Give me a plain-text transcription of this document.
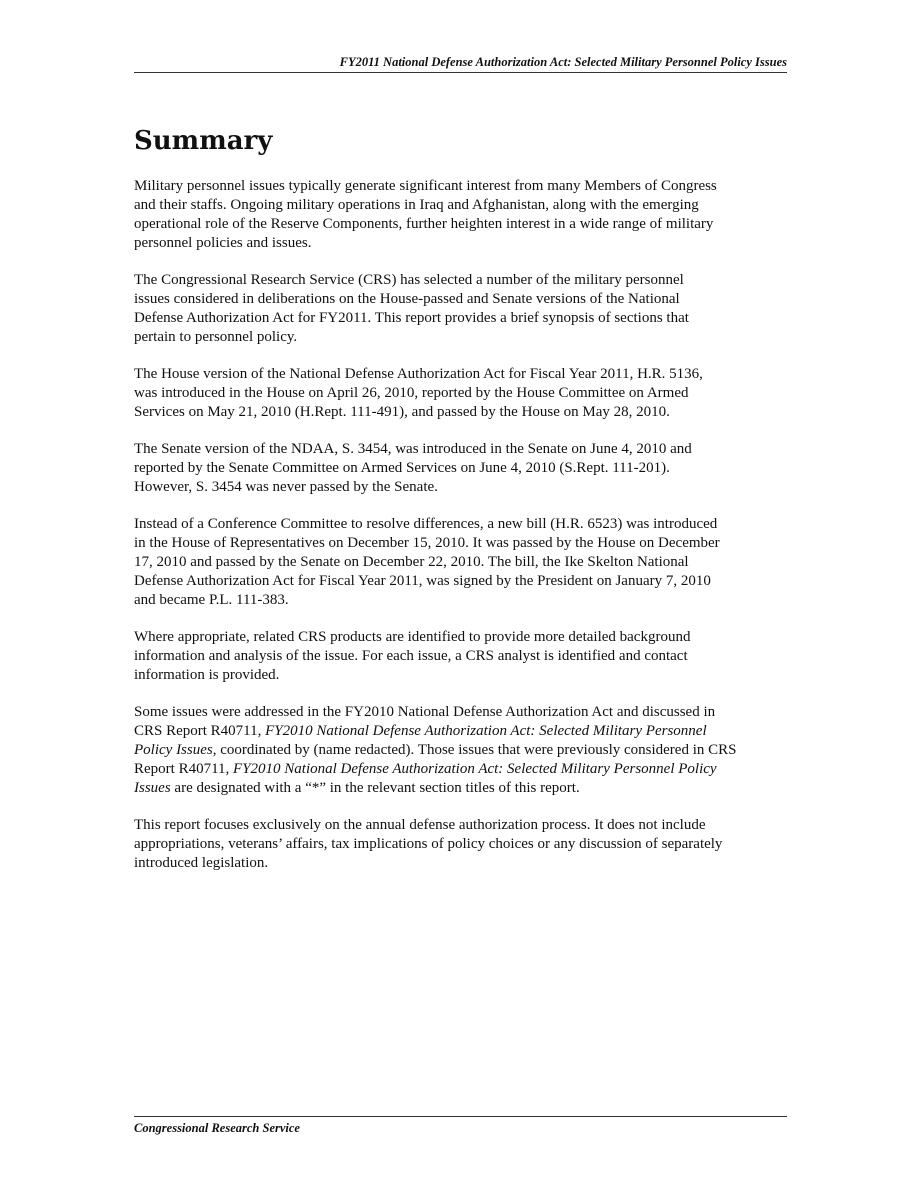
FY2011 National Defense Authorization Act: Selected Military Personnel Policy Issues
Summary

Military personnel issues typically generate significant interest from many Members of Congress
and their staffs. Ongoing military operations in Iraq and Afghanistan, along with the emerging
operational role of the Reserve Components, further heighten interest in a wide range of military
personnel policies and issues.

The Congressional Research Service (CRS) has selected a number of the military personnel
issues considered in deliberations on the House-passed and Senate versions of the National
Defense Authorization Act for FY2011. This report provides a brief synopsis of sections that
pertain to personnel policy.

The House version of the National Defense Authorization Act for Fiscal Year 2011, H.R. 5136,
was introduced in the House on April 26, 2010, reported by the House Committee on Armed
Services on May 21, 2010 (H.Rept. 111-491), and passed by the House on May 28, 2010.

The Senate version of the NDAA, S. 3454, was introduced in the Senate on June 4, 2010 and
reported by the Senate Committee on Armed Services on June 4, 2010 (S.Rept. 111-201).
However, S. 3454 was never passed by the Senate.

Instead of a Conference Committee to resolve differences, a new bill (H.R. 6523) was introduced
in the House of Representatives on December 15, 2010. It was passed by the House on December
17, 2010 and passed by the Senate on December 22, 2010. The bill, the Ike Skelton National
Defense Authorization Act for Fiscal Year 2011, was signed by the President on January 7, 2010
and became P.L. 111-383.

Where appropriate, related CRS products are identified to provide more detailed background
information and analysis of the issue. For each issue, a CRS analyst is identified and contact
information is provided.

Some issues were addressed in the FY2010 National Defense Authorization Act and discussed in
CRS Report R40711, FY2010 National Defense Authorization Act: Selected Military Personnel
Policy Issues, coordinated by (name redacted). Those issues that were previously considered in CRS
Report R40711, FY2010 National Defense Authorization Act: Selected Military Personnel Policy
Issues are designated with a “*” in the relevant section titles of this report.

This report focuses exclusively on the annual defense authorization process. It does not include
appropriations, veterans’ affairs, tax implications of policy choices or any discussion of separately
introduced legislation.

Congressional Research Service
